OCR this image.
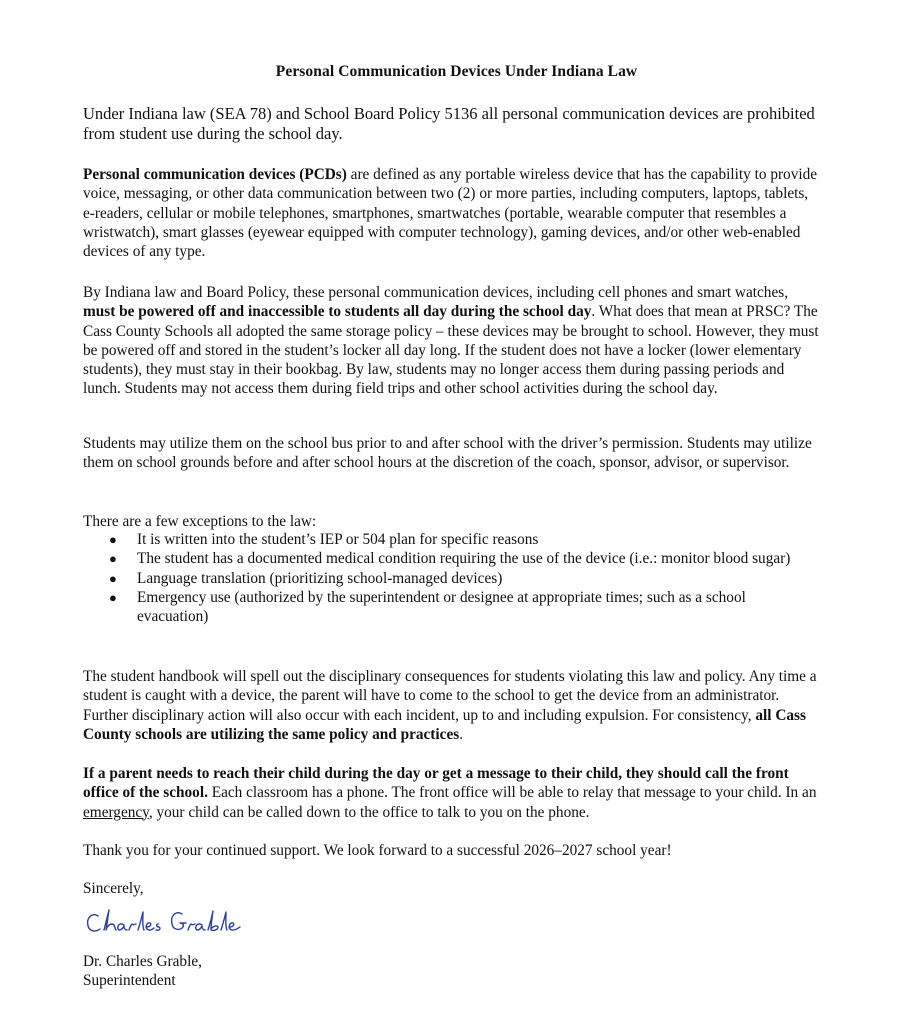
Personal Communication Devices Under Indiana Law
Under Indiana law (SEA 78) and School Board Policy 5136 all personal communication devices are prohibited from student use during the school day.
Personal communication devices (PCDs) are defined as any portable wireless device that has the capability to provide voice, messaging, or other data communication between two (2) or more parties, including computers, laptops, tablets, e-readers, cellular or mobile telephones, smartphones, smartwatches (portable, wearable computer that resembles a wristwatch), smart glasses (eyewear equipped with computer technology), gaming devices, and/or other web-enabled devices of any type.
By Indiana law and Board Policy, these personal communication devices, including cell phones and smart watches, must be powered off and inaccessible to students all day during the school day. What does that mean at PRSC? The Cass County Schools all adopted the same storage policy – these devices may be brought to school. However, they must be powered off and stored in the student’s locker all day long. If the student does not have a locker (lower elementary students), they must stay in their bookbag. By law, students may no longer access them during passing periods and lunch. Students may not access them during field trips and other school activities during the school day.
Students may utilize them on the school bus prior to and after school with the driver’s permission. Students may utilize them on school grounds before and after school hours at the discretion of the coach, sponsor, advisor, or supervisor.
There are a few exceptions to the law:
● It is written into the student’s IEP or 504 plan for specific reasons
● The student has a documented medical condition requiring the use of the device (i.e.: monitor blood sugar)
● Language translation (prioritizing school-managed devices)
● Emergency use (authorized by the superintendent or designee at appropriate times; such as a school evacuation)
The student handbook will spell out the disciplinary consequences for students violating this law and policy. Any time a student is caught with a device, the parent will have to come to the school to get the device from an administrator. Further disciplinary action will also occur with each incident, up to and including expulsion. For consistency, all Cass County schools are utilizing the same policy and practices.
If a parent needs to reach their child during the day or get a message to their child, they should call the front office of the school. Each classroom has a phone. The front office will be able to relay that message to your child. In an emergency, your child can be called down to the office to talk to you on the phone.
Thank you for your continued support. We look forward to a successful 2026–2027 school year!
Sincerely,
Dr. Charles Grable,
Superintendent
